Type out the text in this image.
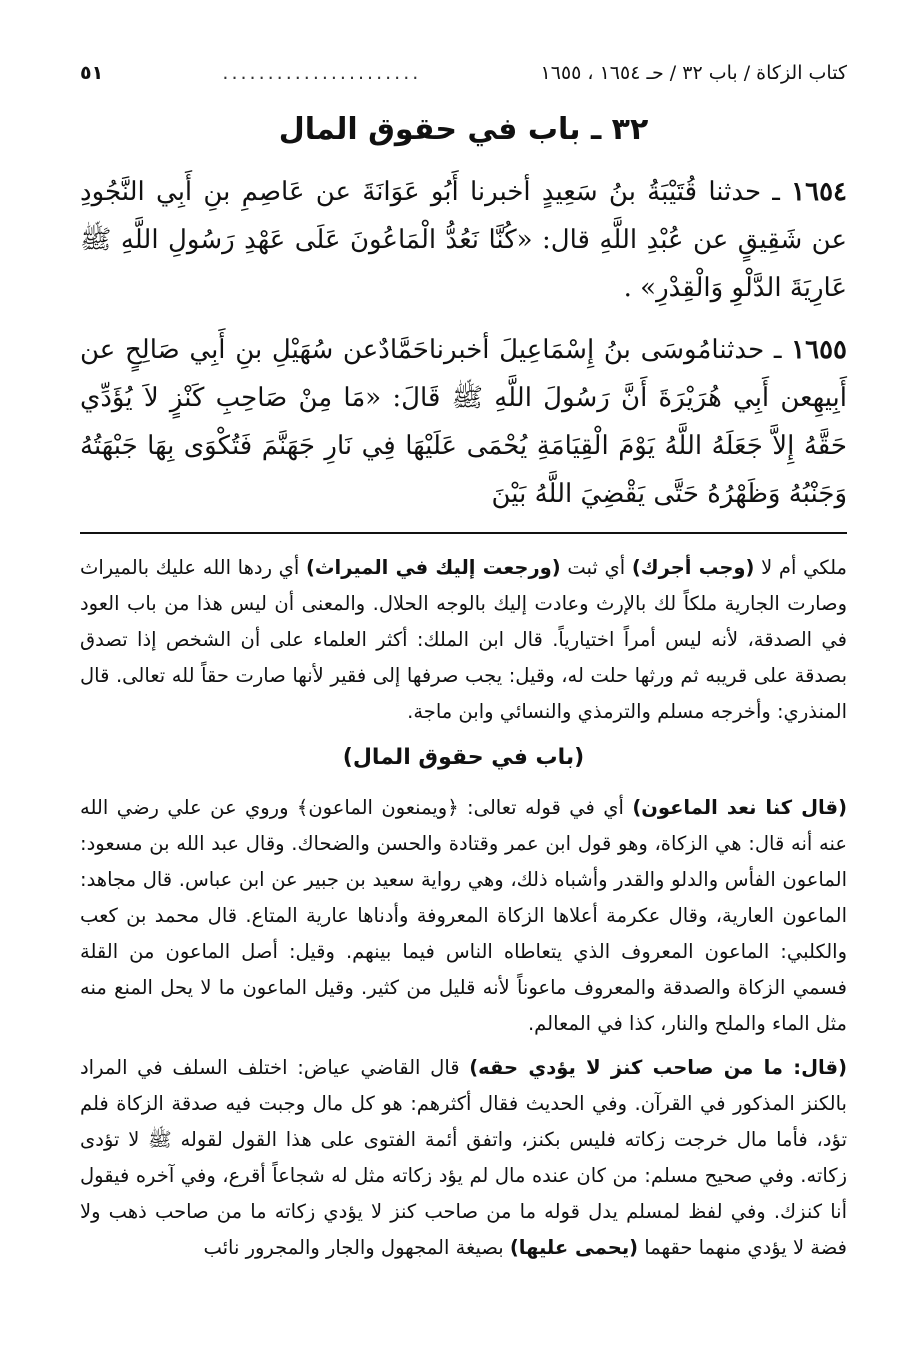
كتاب الزكاة / باب ٣٢ / حـ ١٦٥٤ ، ١٦٥٥
......................
٥١
٣٢ ـ باب في حقوق المال

١٦٥٤ ـ حدثنا قُتَيْبَةُ بنُ سَعِيدٍ أخبرنا أَبُو عَوَانَةَ عن عَاصِمِ بنِ أَبِي النَّجُودِ عن شَقِيقٍ عن عُبْدِ اللَّهِ قال: «كُنَّا نَعُدُّ الْمَاعُونَ عَلَى عَهْدِ رَسُولِ اللَّهِ ﷺ عَارِيَةَ الدَّلْوِ وَالْقِدْرِ» .

١٦٥٥ ـ حدثنامُوسَى بنُ إِسْمَاعِيلَ أخبرناحَمَّادٌعن سُهَيْلِ بنِ أَبِي صَالِحٍ عن أَبِيهِعن أَبِي هُرَيْرَةَ أَنَّ رَسُولَ اللَّهِ ﷺ قَالَ: «مَا مِنْ صَاحِبِ كَنْزٍ لاَ يُؤَدِّي حَقَّهُ إِلاَّ جَعَلَهُ اللَّهُ يَوْمَ الْقِيَامَةِ يُحْمَى عَلَيْهَا فِي نَارِ جَهَنَّمَ فَتُكْوَى بِهَا جَبْهَتُهُ وَجَنْبُهُ وَظَهْرُهُ حَتَّى يَقْضِيَ اللَّهُ بَيْنَ

ملكي أم لا (وجب أجرك) أي ثبت (ورجعت إليك في الميراث) أي ردها الله عليك بالميراث وصارت الجارية ملكاً لك بالإرث وعادت إليك بالوجه الحلال. والمعنى أن ليس هذا من باب العود في الصدقة، لأنه ليس أمراً اختيارياً. قال ابن الملك: أكثر العلماء على أن الشخص إذا تصدق بصدقة على قريبه ثم ورثها حلت له، وقيل: يجب صرفها إلى فقير لأنها صارت حقاً لله تعالى. قال المنذري: وأخرجه مسلم والترمذي والنسائي وابن ماجة.

(باب في حقوق المال)

(قال كنا نعد الماعون) أي في قوله تعالى: ﴿ويمنعون الماعون﴾ وروي عن علي رضي الله عنه أنه قال: هي الزكاة، وهو قول ابن عمر وقتادة والحسن والضحاك. وقال عبد الله بن مسعود: الماعون الفأس والدلو والقدر وأشباه ذلك، وهي رواية سعيد بن جبير عن ابن عباس. قال مجاهد: الماعون العارية، وقال عكرمة أعلاها الزكاة المعروفة وأدناها عارية المتاع. قال محمد بن كعب والكلبي: الماعون المعروف الذي يتعاطاه الناس فيما بينهم. وقيل: أصل الماعون من القلة فسمي الزكاة والصدقة والمعروف ماعوناً لأنه قليل من كثير. وقيل الماعون ما لا يحل المنع منه مثل الماء والملح والنار، كذا في المعالم.

(قال: ما من صاحب كنز لا يؤدي حقه) قال القاضي عياض: اختلف السلف في المراد بالكنز المذكور في القرآن. وفي الحديث فقال أكثرهم: هو كل مال وجبت فيه صدقة الزكاة فلم تؤد، فأما مال خرجت زكاته فليس بكنز، واتفق أئمة الفتوى على هذا القول لقوله ﷺ لا تؤدى زكاته. وفي صحيح مسلم: من كان عنده مال لم يؤد زكاته مثل له شجاعاً أقرع، وفي آخره فيقول أنا كنزك. وفي لفظ لمسلم يدل قوله ما من صاحب كنز لا يؤدي زكاته ما من صاحب ذهب ولا فضة لا يؤدي منهما حقهما (يحمى عليها) بصيغة المجهول والجار والمجرور نائب
